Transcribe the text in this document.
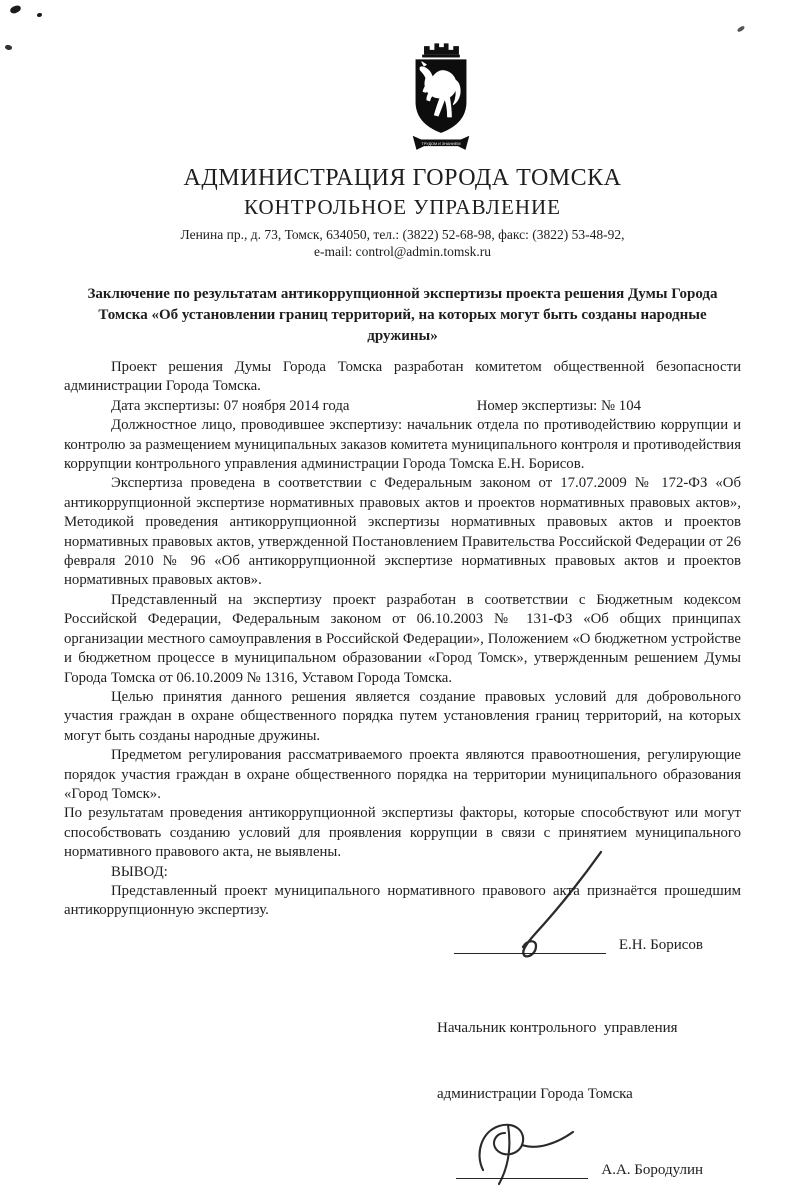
ТРУДОМ И ЗНАНИЕМ
АДМИНИСТРАЦИЯ ГОРОДА ТОМСКА
КОНТРОЛЬНОЕ УПРАВЛЕНИЕ
Ленина пр., д. 73, Томск, 634050, тел.: (3822) 52-68-98, факс: (3822) 53-48-92,
e-mail: control@admin.tomsk.ru
Заключение по результатам антикоррупционной экспертизы проекта решения Думы Города Томска «Об установлении границ территорий, на которых могут быть созданы народные дружины»

Проект решения Думы Города Томска разработан комитетом общественной безопасности администрации Города Томска.

Дата экспертизы: 07 ноября 2014 года	Номер экспертизы: № 104

Должностное лицо, проводившее экспертизу: начальник отдела по противодействию коррупции и контролю за размещением муниципальных заказов комитета муниципального контроля и противодействия коррупции контрольного управления администрации Города Томска Е.Н. Борисов.

Экспертиза проведена в соответствии с Федеральным законом от 17.07.2009 № 172-ФЗ «Об антикоррупционной экспертизе нормативных правовых актов и проектов нормативных правовых актов», Методикой проведения антикоррупционной экспертизы нормативных правовых актов и проектов нормативных правовых актов, утвержденной Постановлением Правительства Российской Федерации от 26 февраля 2010 № 96 «Об антикоррупционной экспертизе нормативных правовых актов и проектов нормативных правовых актов».

Представленный на экспертизу проект разработан в соответствии с Бюджетным кодексом Российской Федерации, Федеральным законом от 06.10.2003 № 131-ФЗ «Об общих принципах организации местного самоуправления в Российской Федерации», Положением «О бюджетном устройстве и бюджетном процессе в муниципальном образовании «Город Томск», утвержденным решением Думы Города Томска от 06.10.2009 № 1316, Уставом Города Томска.

Целью принятия данного решения является создание правовых условий для добровольного участия граждан в охране общественного порядка путем установления границ территорий, на которых могут быть созданы народные дружины.

Предметом регулирования рассматриваемого проекта являются правоотношения, регулирующие порядок участия граждан в охране общественного порядка на территории муниципального образования «Город Томск».

По результатам проведения антикоррупционной экспертизы факторы, которые способствуют или могут способствовать созданию условий для проявления коррупции в связи с принятием муниципального нормативного правового акта, не выявлены.

ВЫВОД:

Представленный проект муниципального нормативного правового акта признаётся прошедшим антикоррупционную экспертизу.

Е.Н. Борисов

Начальник контрольного  управления

администрации Города Томска

А.А. Бородулин
